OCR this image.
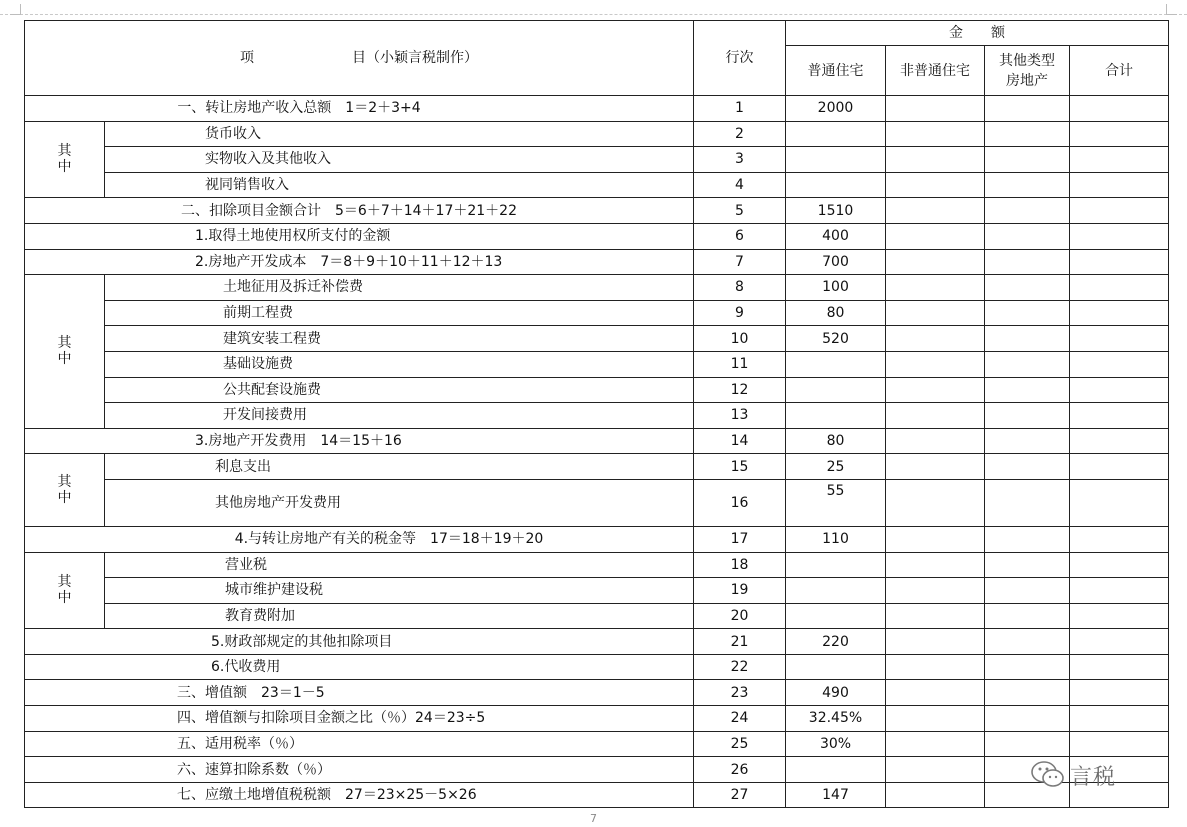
项　　　　　　　目（小颖言税制作）		行次	金　　额			
			普通住宅	非普通住宅	其他类型
房地产	合计
一、转让房地产收入总额　1＝2＋3+4		1	2000			

其
中	货币收入	2				
	实物收入及其他收入	3				
	视同销售收入	4				
二、扣除项目金额合计　5＝6＋7＋14＋17＋21＋22		5	1510			
1.取得土地使用权所支付的金额		6	400			
2.房地产开发成本　7＝8＋9＋10＋11＋12＋13		7	700			

其
中	土地征用及拆迁补偿费	8	100			
	前期工程费	9	80			
	建筑安装工程费	10	520			
	基础设施费	11				
	公共配套设施费	12				
	开发间接费用	13				
3.房地产开发费用　14＝15＋16		14	80			

其
中	利息支出	15	25			
	其他房地产开发费用	16	55			
4.与转让房地产有关的税金等　17＝18＋19＋20		17	110			

其
中	营业税	18				
	城市维护建设税	19				
	教育费附加	20				
5.财政部规定的其他扣除项目		21	220			
6.代收费用		22				
三、增值额　23＝1－5		23	490			
四、增值额与扣除项目金额之比（％）24＝23÷5		24	32.45%			
五、适用税率（％）		25	30%			
六、速算扣除系数（％）		26				
七、应缴土地增值税税额　27＝23×25－5×26		27	147			
言税
7
